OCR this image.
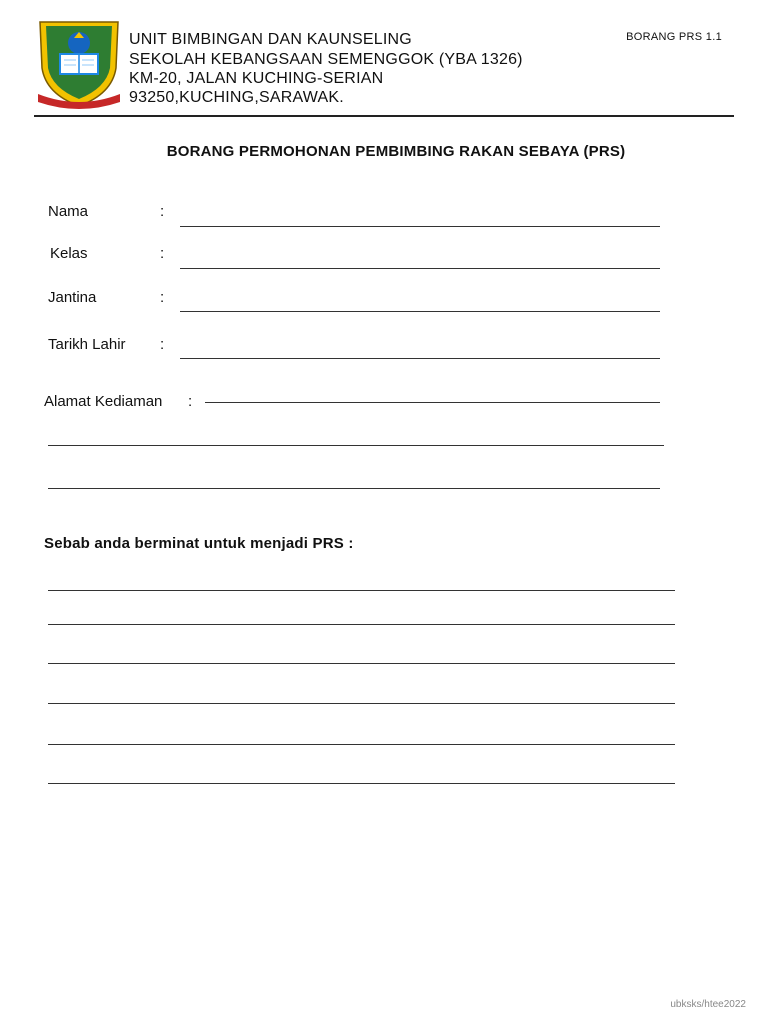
UNIT BIMBINGAN DAN KAUNSELING
SEKOLAH KEBANGSAAN SEMENGGOK (YBA 1326)
KM-20, JALAN KUCHING-SERIAN
93250,KUCHING,SARAWAK.
BORANG PRS 1.1
BORANG PERMOHONAN PEMBIMBING RAKAN SEBAYA (PRS)
Nama	:
Kelas	:
Jantina	:
Tarikh Lahir :
Alamat Kediaman :
Sebab anda berminat untuk menjadi PRS :
ubksks/htee2022
